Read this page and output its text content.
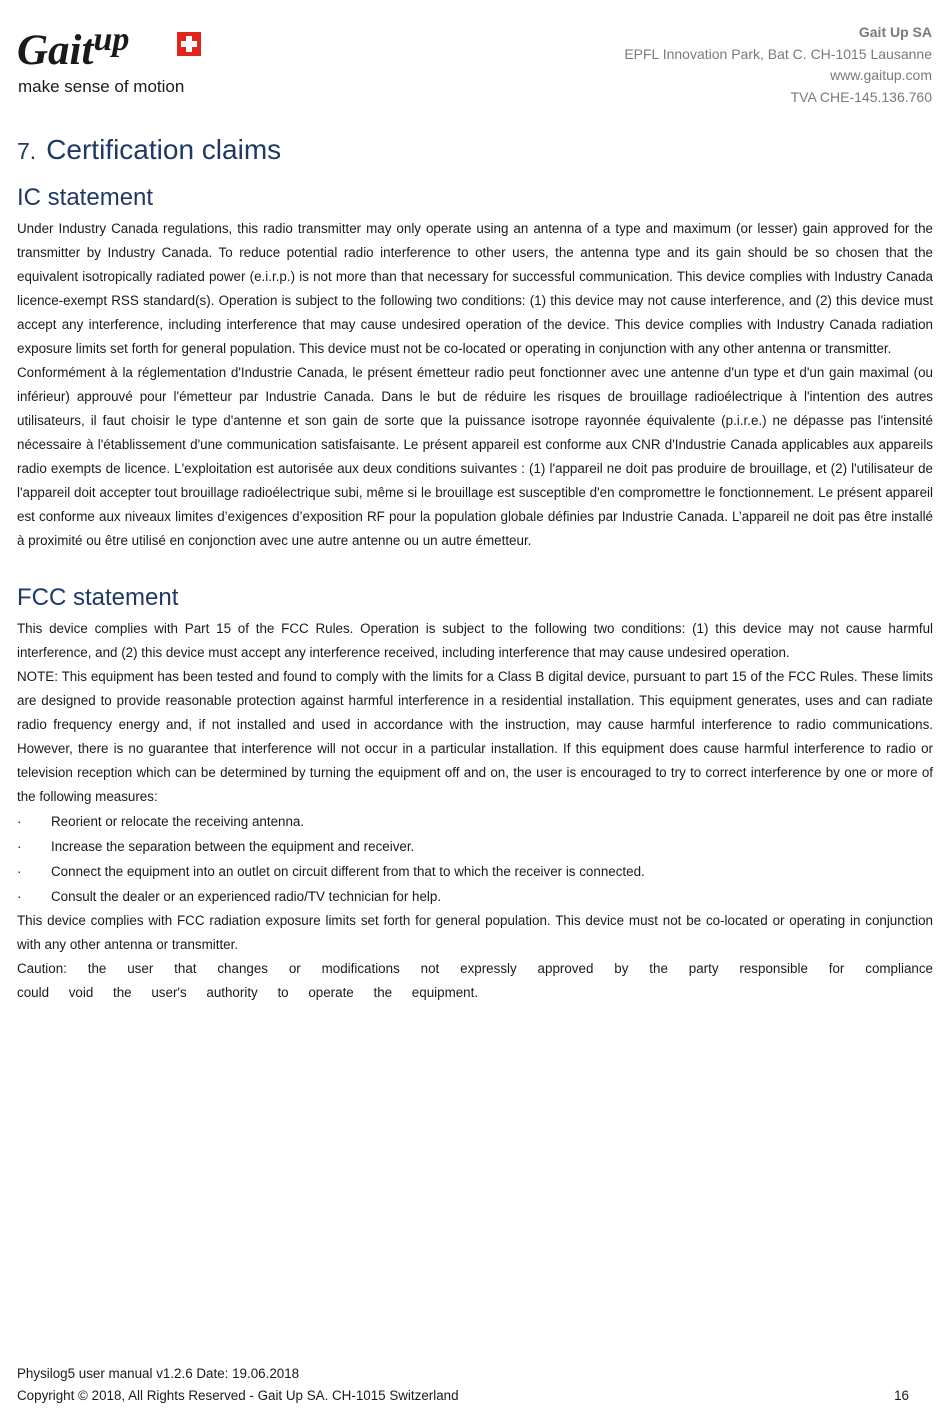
Gait$^{up}$
make sense of motion
Gait Up SA
EPFL Innovation Park, Bat C. CH-1015 Lausanne
www.gaitup.com
TVA CHE-145.136.760
7. Certification claims
IC statement

Under Industry Canada regulations, this radio transmitter may only operate using an antenna of a type and maximum (or lesser) gain approved for the transmitter by Industry Canada. To reduce potential radio interference to other users, the antenna type and its gain should be so chosen that the equivalent isotropically radiated power (e.i.r.p.) is not more than that necessary for successful communication. This device complies with Industry Canada licence-exempt RSS standard(s). Operation is subject to the following two conditions: (1) this device may not cause interference, and (2) this device must accept any interference, including interference that may cause undesired operation of the device. This device complies with Industry Canada radiation exposure limits set forth for general population. This device must not be co-located or operating in conjunction with any other antenna or transmitter.

Conformément à la réglementation d'Industrie Canada, le présent émetteur radio peut fonctionner avec une antenne d'un type et d'un gain maximal (ou inférieur) approuvé pour l'émetteur par Industrie Canada. Dans le but de réduire les risques de brouillage radioélectrique à l'intention des autres utilisateurs, il faut choisir le type d'antenne et son gain de sorte que la puissance isotrope rayonnée équivalente (p.i.r.e.) ne dépasse pas l'intensité nécessaire à l'établissement d'une communication satisfaisante. Le présent appareil est conforme aux CNR d'Industrie Canada applicables aux appareils radio exempts de licence. L'exploitation est autorisée aux deux conditions suivantes : (1) l'appareil ne doit pas produire de brouillage, et (2) l'utilisateur de l'appareil doit accepter tout brouillage radioélectrique subi, même si le brouillage est susceptible d'en compromettre le fonctionnement. Le présent appareil est conforme aux niveaux limites d’exigences d’exposition RF pour la population globale définies par Industrie Canada. L’appareil ne doit pas être installé à proximité ou être utilisé en conjonction avec une autre antenne ou un autre émetteur.

FCC statement

This device complies with Part 15 of the FCC Rules. Operation is subject to the following two conditions: (1) this device may not cause harmful interference, and (2) this device must accept any interference received, including interference that may cause undesired operation.

NOTE: This equipment has been tested and found to comply with the limits for a Class B digital device, pursuant to part 15 of the FCC Rules. These limits are designed to provide reasonable protection against harmful interference in a residential installation. This equipment generates, uses and can radiate radio frequency energy and, if not installed and used in accordance with the instruction, may cause harmful interference to radio communications. However, there is no guarantee that interference will not occur in a particular installation. If this equipment does cause harmful interference to radio or television reception which can be determined by turning the equipment off and on, the user is encouraged to try to correct interference by one or more of the following measures:

·	Reorient or relocate the receiving antenna.
·	Increase the separation between the equipment and receiver.
·	Connect the equipment into an outlet on circuit different from that to which the receiver is connected.
·	Consult the dealer or an experienced radio/TV technician for help.

This device complies with FCC radiation exposure limits set forth for general population. This device must not be co-located or operating in conjunction with any other antenna or transmitter.

Caution: the user that changes or modifications not expressly approved by the party responsible for compliance could void the user's authority to operate the equipment.

Physilog5 user manual v1.2.6 Date: 19.06.2018
Copyright © 2018, All Rights Reserved - Gait Up SA. CH-1015 Switzerland	16
